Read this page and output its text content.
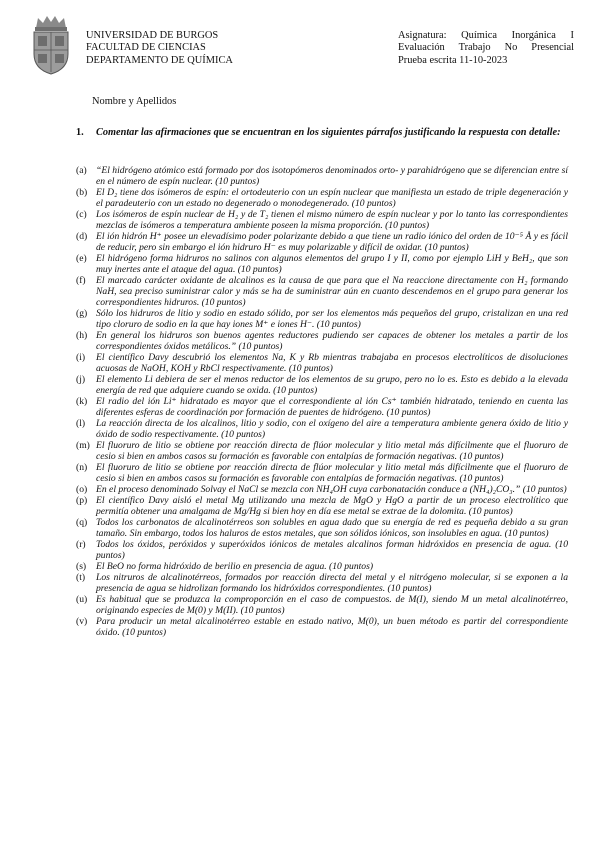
UNIVERSIDAD DE BURGOS
FACULTAD DE CIENCIAS
DEPARTAMENTO DE QUÍMICA
Asignatura: Química Inorgánica I
Evaluación Trabajo No Presencial
Prueba escrita 11-10-2023
Nombre y Apellidos
1. Comentar las afirmaciones que se encuentran en los siguientes párrafos justificando la respuesta con detalle:
(a) “El hidrógeno atómico está formado por dos isotopómeros denominados orto- y parahidrógeno que se diferencian entre sí en el número de espín nuclear. (10 puntos)
(b) El D₂ tiene dos isómeros de espín: el ortodeuterio con un espín nuclear que manifiesta un estado de triple degeneración y el paradeuterio con un estado no degenerado o monodegenerado. (10 puntos)
(c) Los isómeros de espín nuclear de H₂ y de T₂ tienen el mismo número de espín nuclear y por lo tanto las correspondientes mezclas de isómeros a temperatura ambiente poseen la misma proporción. (10 puntos)
(d) El ión hidrón H⁺ posee un elevadísimo poder polarizante debido a que tiene un radio iónico del orden de 10⁻⁵ Å y es fácil de reducir, pero sin embargo el ión hidruro H⁻ es muy polarizable y difícil de oxidar. (10 puntos)
(e) El hidrógeno forma hidruros no salinos con algunos elementos del grupo I y II, como por ejemplo LiH y BeH₂, que son muy inertes ante el ataque del agua. (10 puntos)
(f) El marcado carácter oxidante de alcalinos es la causa de que para que el Na reaccione directamente con H₂ formando NaH, sea preciso suministrar calor y más se ha de suministrar aún en cuanto descendemos en el grupo para generar los correspondientes hidruros. (10 puntos)
(g) Sólo los hidruros de litio y sodio en estado sólido, por ser los elementos más pequeños del grupo, cristalizan en una red tipo cloruro de sodio en la que hay iones M⁺ e iones H⁻. (10 puntos)
(h) En general los hidruros son buenos agentes reductores pudiendo ser capaces de obtener los metales a partir de los correspondientes óxidos metálicos.” (10 puntos)
(i) El científico Davy descubrió los elementos Na, K y Rb mientras trabajaba en procesos electrolíticos de disoluciones acuosas de NaOH, KOH y RbCl respectivamente. (10 puntos)
(j) El elemento Li debiera de ser el menos reductor de los elementos de su grupo, pero no lo es. Esto es debido a la elevada energía de red que adquiere cuando se oxida. (10 puntos)
(k) El radio del ión Li⁺ hidratado es mayor que el correspondiente al ión Cs⁺ también hidratado, teniendo en cuenta las diferentes esferas de coordinación por formación de puentes de hidrógeno. (10 puntos)
(l) La reacción directa de los alcalinos, litio y sodio, con el oxígeno del aire a temperatura ambiente genera óxido de litio y óxido de sodio respectivamente. (10 puntos)
(m) El fluoruro de litio se obtiene por reacción directa de flúor molecular y litio metal más difícilmente que el fluoruro de cesio si bien en ambos casos su formación es favorable con entalpías de formación negativas. (10 puntos)
(n) El fluoruro de litio se obtiene por reacción directa de flúor molecular y litio metal más difícilmente que el fluoruro de cesio si bien en ambos casos su formación es favorable con entalpías de formación negativas. (10 puntos)
(o) En el proceso denominado Solvay el NaCl se mezcla con NH₄OH cuya carbonatación conduce a (NH₄)₂CO₃.” (10 puntos)
(p) El científico Davy aisló el metal Mg utilizando una mezcla de MgO y HgO a partir de un proceso electrolítico que permitía obtener una amalgama de Mg/Hg si bien hoy en día ese metal se extrae de la dolomita. (10 puntos)
(q) Todos los carbonatos de alcalinotérreos son solubles en agua dado que su energía de red es pequeña debido a su gran tamaño. Sin embargo, todos los haluros de estos metales, que son sólidos iónicos, son insolubles en agua. (10 puntos)
(r) Todos los óxidos, peróxidos y superóxidos iónicos de metales alcalinos forman hidróxidos en presencia de agua. (10 puntos)
(s) El BeO no forma hidróxido de berilio en presencia de agua. (10 puntos)
(t) Los nitruros de alcalinotérreos, formados por reacción directa del metal y el nitrógeno molecular, si se exponen a la presencia de agua se hidrolizan formando los hidróxidos correspondientes. (10 puntos)
(u) Es habitual que se produzca la comproporción en el caso de compuestos. de M(I), siendo M un metal alcalinotérreo, originando especies de M(0) y M(II). (10 puntos)
(v) Para producir un metal alcalinotérreo estable en estado nativo, M(0), un buen método es partir del correspondiente óxido. (10 puntos)
